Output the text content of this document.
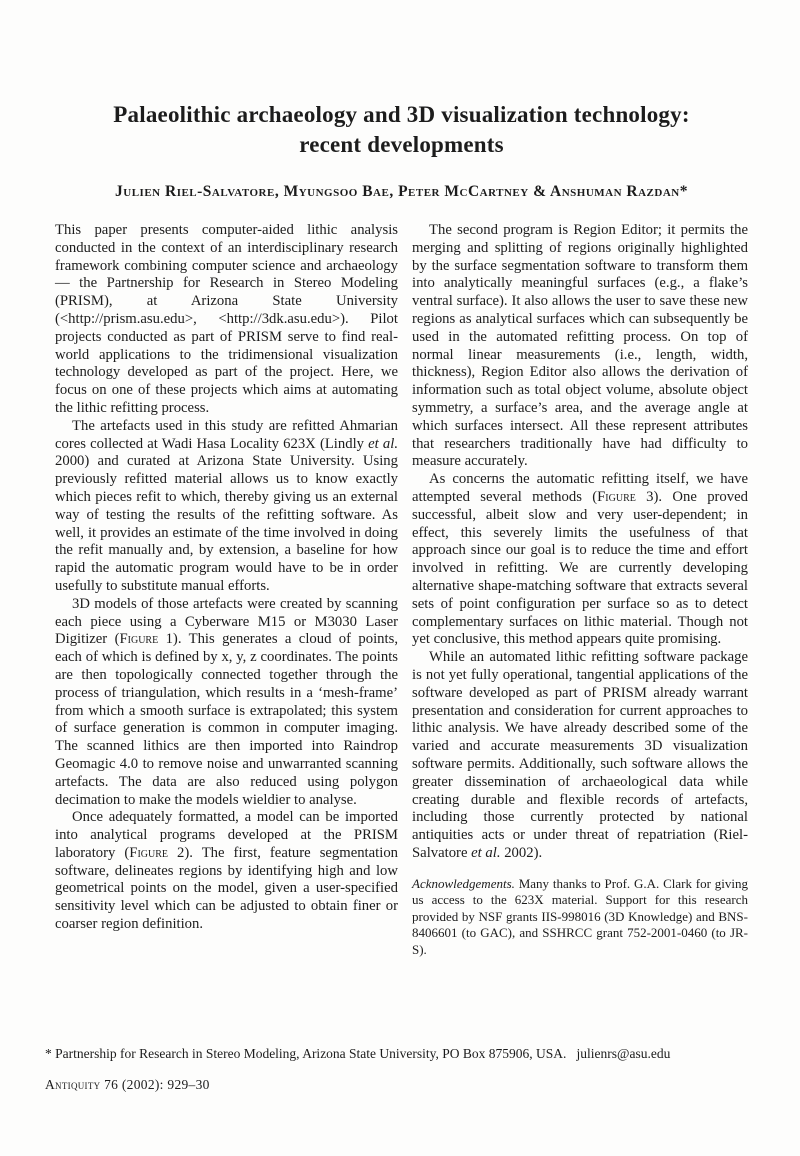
Palaeolithic archaeology and 3D visualization technology:
recent developments
Julien Riel-Salvatore, Myungsoo Bae, Peter McCartney & Anshuman Razdan*

This paper presents computer-aided lithic analysis conducted in the context of an interdisciplinary research framework combining computer science and archaeology — the Partnership for Research in Stereo Modeling (PRISM), at Arizona State University (<http://prism.asu.edu>, <http://3dk.asu.edu>). Pilot projects conducted as part of PRISM serve to find real-world applications to the tridimensional visualization technology developed as part of the project. Here, we focus on one of these projects which aims at automating the lithic refitting process.

The artefacts used in this study are refitted Ahmarian cores collected at Wadi Hasa Locality 623X (Lindly et al. 2000) and curated at Arizona State University. Using previously refitted material allows us to know exactly which pieces refit to which, thereby giving us an external way of testing the results of the refitting software. As well, it provides an estimate of the time involved in doing the refit manually and, by extension, a baseline for how rapid the automatic program would have to be in order usefully to substitute manual efforts.

3D models of those artefacts were created by scanning each piece using a Cyberware M15 or M3030 Laser Digitizer (Figure 1). This generates a cloud of points, each of which is defined by x, y, z coordinates. The points are then topologically connected together through the process of triangulation, which results in a ‘mesh-frame’ from which a smooth surface is extrapolated; this system of surface generation is common in computer imaging. The scanned lithics are then imported into Raindrop Geomagic 4.0 to remove noise and unwarranted scanning artefacts. The data are also reduced using polygon decimation to make the models wieldier to analyse.

Once adequately formatted, a model can be imported into analytical programs developed at the PRISM laboratory (Figure 2). The first, feature segmentation software, delineates regions by identifying high and low geometrical points on the model, given a user-specified sensitivity level which can be adjusted to obtain finer or coarser region definition.

The second program is Region Editor; it permits the merging and splitting of regions originally highlighted by the surface segmentation software to transform them into analytically meaningful surfaces (e.g., a flake’s ventral surface). It also allows the user to save these new regions as analytical surfaces which can subsequently be used in the automated refitting process. On top of normal linear measurements (i.e., length, width, thickness), Region Editor also allows the derivation of information such as total object volume, absolute object symmetry, a surface’s area, and the average angle at which surfaces intersect. All these represent attributes that researchers traditionally have had difficulty to measure accurately.

As concerns the automatic refitting itself, we have attempted several methods (Figure 3). One proved successful, albeit slow and very user-dependent; in effect, this severely limits the usefulness of that approach since our goal is to reduce the time and effort involved in refitting. We are currently developing alternative shape-matching software that extracts several sets of point configuration per surface so as to detect complementary surfaces on lithic material. Though not yet conclusive, this method appears quite promising.

While an automated lithic refitting software package is not yet fully operational, tangential applications of the software developed as part of PRISM already warrant presentation and consideration for current approaches to lithic analysis. We have already described some of the varied and accurate measurements 3D visualization software permits. Additionally, such software allows the greater dissemination of archaeological data while creating durable and flexible records of artefacts, including those currently protected by national antiquities acts or under threat of repatriation (Riel-Salvatore et al. 2002).

Acknowledgements. Many thanks to Prof. G.A. Clark for giving us access to the 623X material. Support for this research provided by NSF grants IIS-998016 (3D Knowledge) and BNS-8406601 (to GAC), and SSHRCC grant 752-2001-0460 (to JR-S).

* Partnership for Research in Stereo Modeling, Arizona State University, PO Box 875906, USA.   julienrs@asu.edu
Antiquity 76 (2002): 929–30
